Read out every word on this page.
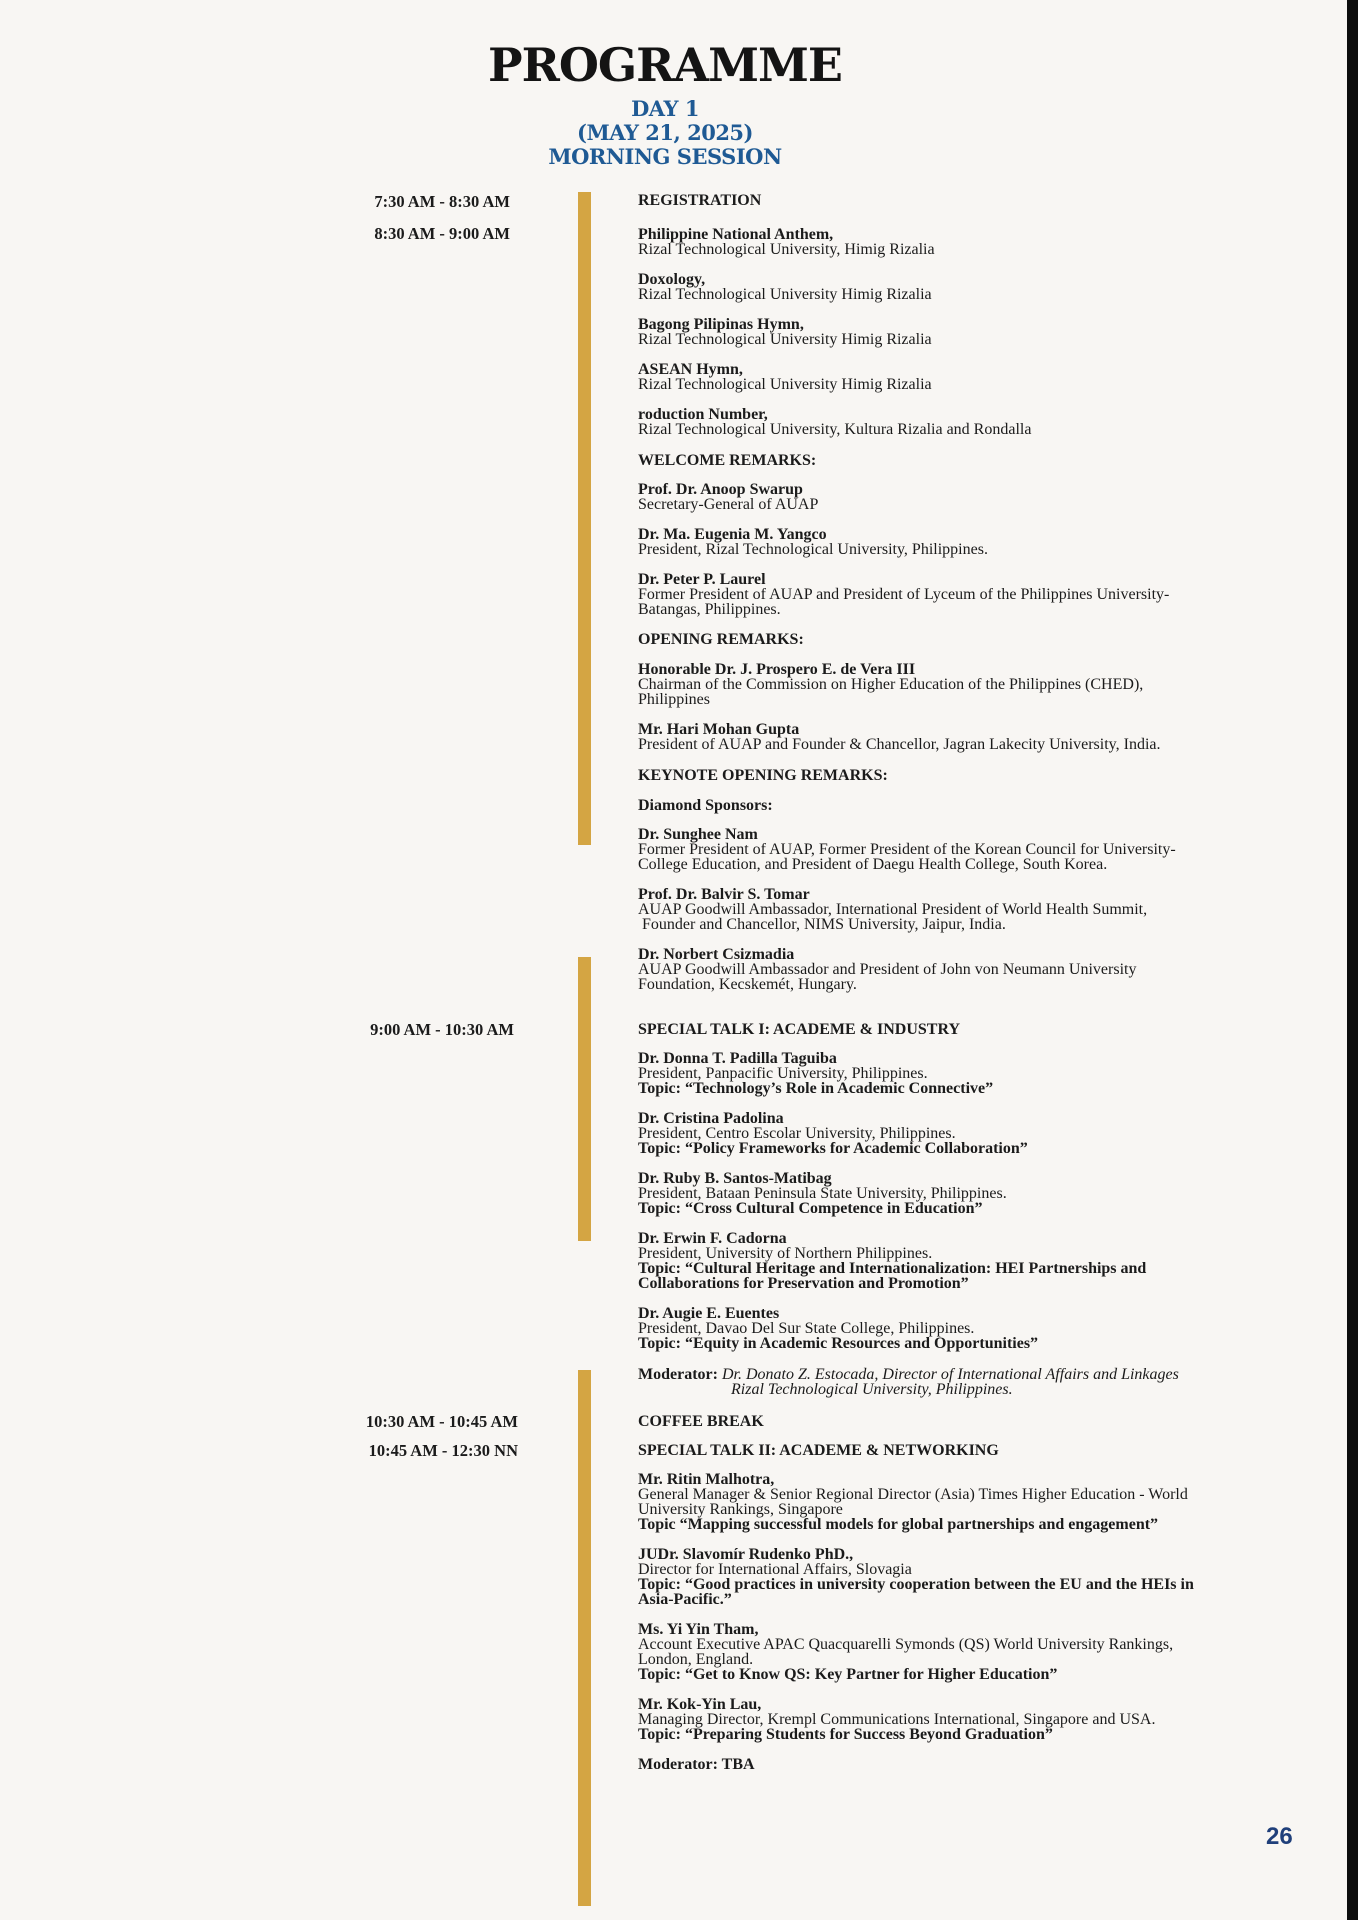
PROGRAMME
DAY 1
(MAY 21, 2025)
MORNING SESSION
7:30 AM - 8:30 AM
8:30 AM - 9:00 AM
9:00 AM - 10:30 AM
10:30 AM - 10:45 AM
10:45 AM - 12:30 NN
REGISTRATION
WELCOME REMARKS:
OPENING REMARKS:
KEYNOTE OPENING REMARKS:
Diamond Sponsors:
SPECIAL TALK I: ACADEME & INDUSTRY
COFFEE BREAK
SPECIAL TALK II: ACADEME & NETWORKING
Philippine National Anthem,
Rizal Technological University, Himig Rizalia
Doxology,
Rizal Technological University Himig Rizalia
Bagong Pilipinas Hymn,
Rizal Technological University Himig Rizalia
ASEAN Hymn,
Rizal Technological University Himig Rizalia
roduction Number,
Rizal Technological University, Kultura Rizalia and Rondalla
Prof. Dr. Anoop Swarup
Secretary-General of AUAP
Dr. Ma. Eugenia M. Yangco
President, Rizal Technological University, Philippines.
Dr. Peter P. Laurel
Former President of AUAP and President of Lyceum of the Philippines University-
Batangas, Philippines.
Honorable Dr. J. Prospero E. de Vera III
Chairman of the Commission on Higher Education of the Philippines (CHED),
Philippines
Mr. Hari Mohan Gupta
President of AUAP and Founder & Chancellor, Jagran Lakecity University, India.
Dr. Sunghee Nam
Former President of AUAP, Former President of the Korean Council for University-
College Education, and President of Daegu Health College, South Korea.
Prof. Dr. Balvir S. Tomar
AUAP Goodwill Ambassador, International President of World Health Summit,
Founder and Chancellor, NIMS University, Jaipur, India.
Dr. Norbert Csizmadia
AUAP Goodwill Ambassador and President of John von Neumann University
Foundation, Kecskemét, Hungary.
Dr. Donna T. Padilla Taguiba
President, Panpacific University, Philippines.
Topic: “Technology’s Role in Academic Connective”
Dr. Cristina Padolina
President, Centro Escolar University, Philippines.
Topic: “Policy Frameworks for Academic Collaboration”
Dr. Ruby B. Santos-Matibag
President, Bataan Peninsula State University, Philippines.
Topic: “Cross Cultural Competence in Education”
Dr. Erwin F. Cadorna
President, University of Northern Philippines.
Topic: “Cultural Heritage and Internationalization: HEI Partnerships and
Collaborations for Preservation and Promotion”
Dr. Augie E. Euentes
President, Davao Del Sur State College, Philippines.
Topic: “Equity in Academic Resources and Opportunities”
Moderator: Dr. Donato Z. Estocada, Director of International Affairs and Linkages
Rizal Technological University, Philippines.
Mr. Ritin Malhotra,
General Manager & Senior Regional Director (Asia) Times Higher Education - World
University Rankings, Singapore
Topic “Mapping successful models for global partnerships and engagement”
JUDr. Slavomír Rudenko PhD.,
Director for International Affairs, Slovagia
Topic: “Good practices in university cooperation between the EU and the HEIs in
Asia-Pacific.”
Ms. Yi Yin Tham,
Account Executive APAC Quacquarelli Symonds (QS) World University Rankings,
London, England.
Topic: “Get to Know QS: Key Partner for Higher Education”
Mr. Kok-Yin Lau,
Managing Director, Krempl Communications International, Singapore and USA.
Topic: “Preparing Students for Success Beyond Graduation”
Moderator: TBA
26
